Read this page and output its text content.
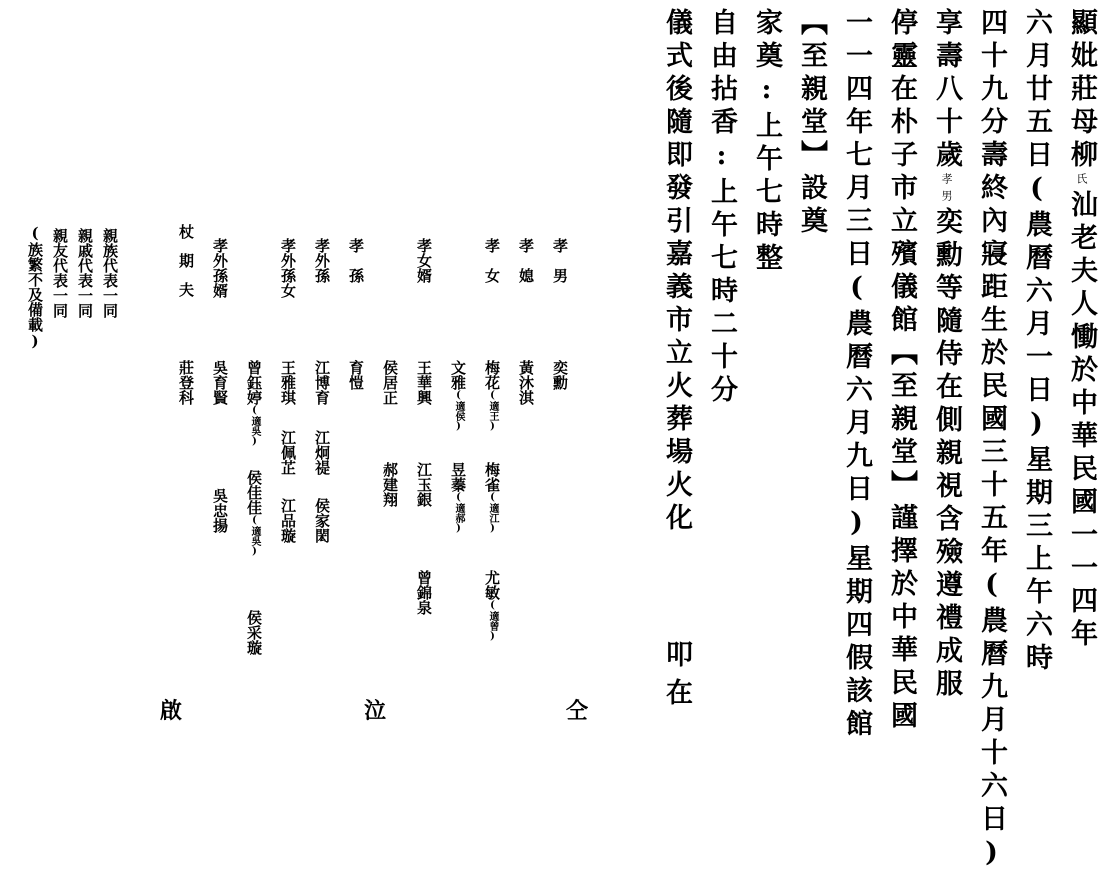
顯妣莊母柳氏汕老夫人慟於中華民國一一四年
六月廿五日(農曆六月一日)星期三上午六時
四十九分壽終內寢距生於民國三十五年(農曆九月十六日)
享壽八十歲孝男奕勳等隨侍在側親視含殮遵禮成服
停靈在朴子市立殯儀館【至親堂】謹擇於中華民國
一一四年七月三日(農曆六月九日)星期四假該館
【至親堂】設奠
家奠:上午七時整
自由拈香:上午七時二十分
儀式後隨即發引嘉義市立火葬場火化
叩
在
孝　男
奕勳
孝　媳
黃沐淇
孝　女
梅花(適王)
梅雀(適江)
尤敏(適曾)
文雅(適侯)
昱蓁(適郝)
孝女婿
王華興
江玉銀
曾錦泉
侯居正
郝建翔
孝　孫
育愷
孝外孫
江博育
江炯禔
侯家閎
孝外孫女
王雅琪
江佩芷
江品璇
曾鈺婷(適吳)
侯佳佳(適吳)
侯采璇
孝外孫婿
吳育賢
吳忠揚
杖期夫
莊登科
親族代表一同
親戚代表一同
親友代表一同
(族繁不及備載)
仝
泣
啟
